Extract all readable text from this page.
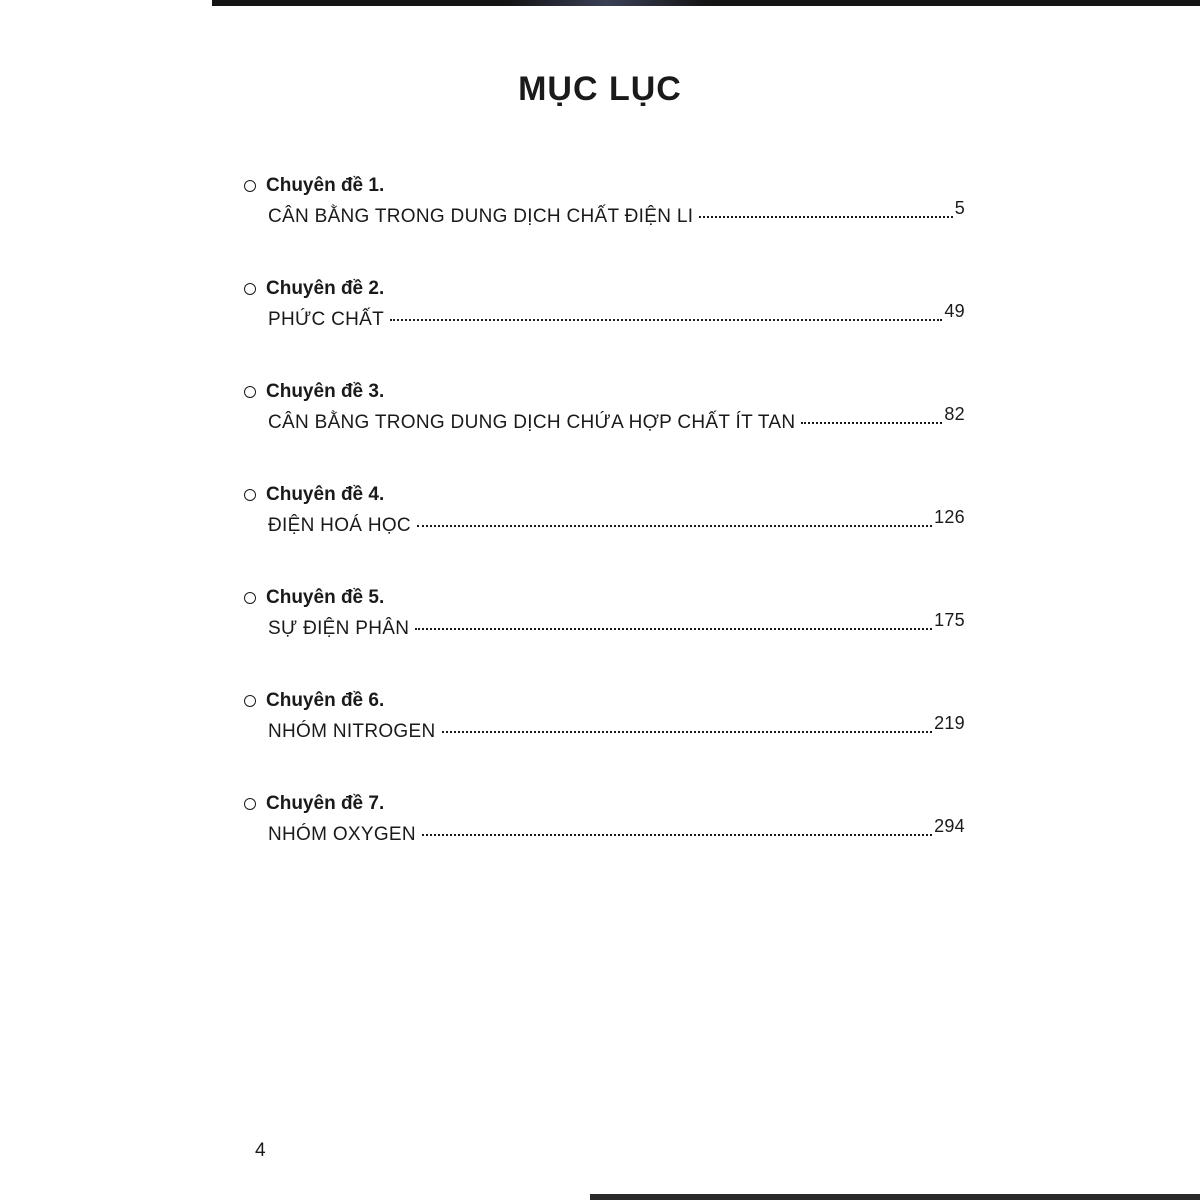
MỤC LỤC
Chuyên đề 1.
CÂN BẰNG TRONG DUNG DỊCH CHẤT ĐIỆN LI	5
Chuyên đề 2.
PHỨC CHẤT	49
Chuyên đề 3.
CÂN BẰNG TRONG DUNG DỊCH CHỨA HỢP CHẤT ÍT TAN	82
Chuyên đề 4.
ĐIỆN HOÁ HỌC	126
Chuyên đề 5.
SỰ ĐIỆN PHÂN	175
Chuyên đề 6.
NHÓM NITROGEN	219
Chuyên đề 7.
NHÓM OXYGEN	294
4
